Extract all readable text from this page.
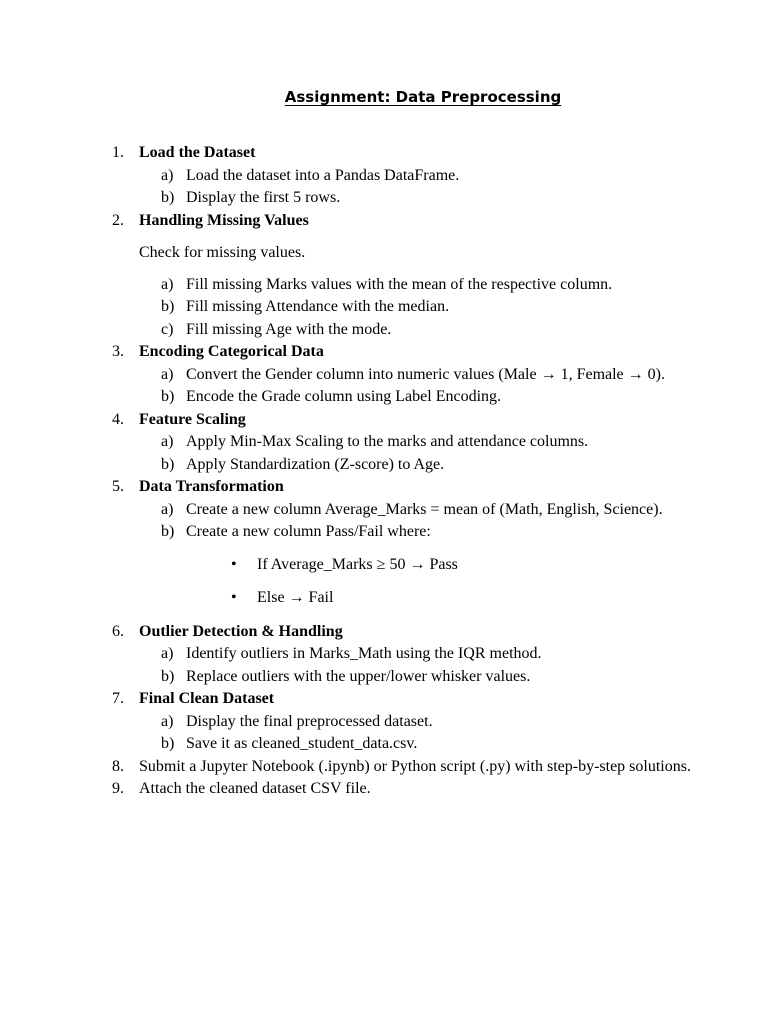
Assignment: Data Preprocessing
1. Load the Dataset
a) Load the dataset into a Pandas DataFrame.
b) Display the first 5 rows.
2. Handling Missing Values
Check for missing values.
a) Fill missing Marks values with the mean of the respective column.
b) Fill missing Attendance with the median.
c) Fill missing Age with the mode.
3. Encoding Categorical Data
a) Convert the Gender column into numeric values (Male → 1, Female → 0).
b) Encode the Grade column using Label Encoding.
4. Feature Scaling
a) Apply Min-Max Scaling to the marks and attendance columns.
b) Apply Standardization (Z-score) to Age.
5. Data Transformation
a) Create a new column Average_Marks = mean of (Math, English, Science).
b) Create a new column Pass/Fail where:
• If Average_Marks ≥ 50 → Pass
• Else → Fail
6. Outlier Detection & Handling
a) Identify outliers in Marks_Math using the IQR method.
b) Replace outliers with the upper/lower whisker values.
7. Final Clean Dataset
a) Display the final preprocessed dataset.
b) Save it as cleaned_student_data.csv.
8. Submit a Jupyter Notebook (.ipynb) or Python script (.py) with step-by-step solutions.
9. Attach the cleaned dataset CSV file.
